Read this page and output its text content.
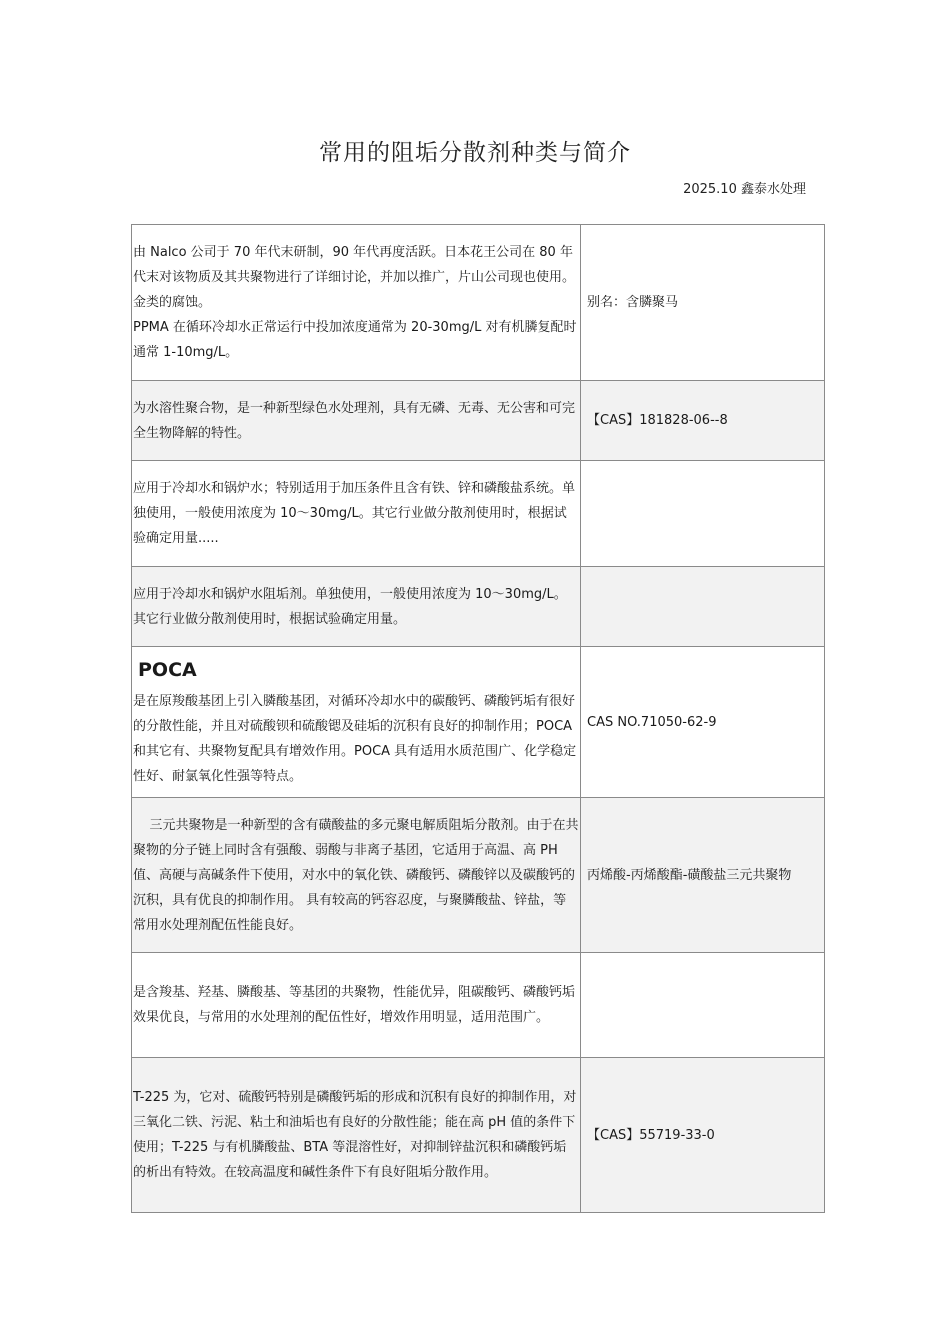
常用的阻垢分散剂种类与简介
2025.10 鑫泰水处理
由 Nalco 公司于 70 年代末研制，90 年代再度活跃。日本花王公司在 80 年代末对该物质及其共聚物进行了详细讨论，并加以推广，片山公司现也使用。金类的腐蚀。
PPMA 在循环冷却水正常运行中投加浓度通常为 20-30mg/L 对有机膦复配时通常 1-10mg/L。	别名：含膦聚马

为水溶性聚合物，是一种新型绿色水处理剂，具有无磷、无毒、无公害和可完全生物降解的特性。	【CAS】181828-06--8

应用于冷却水和锅炉水；特别适用于加压条件且含有铁、锌和磷酸盐系统。单独使用，一般使用浓度为 10～30mg/L。其它行业做分散剂使用时，根据试验确定用量.....	

应用于冷却水和锅炉水阻垢剂。单独使用，一般使用浓度为 10～30mg/L。其它行业做分散剂使用时，根据试验确定用量。	

POCA
是在原羧酸基团上引入膦酸基团，对循环冷却水中的碳酸钙、磷酸钙垢有很好的分散性能，并且对硫酸钡和硫酸锶及硅垢的沉积有良好的抑制作用；POCA 和其它有、共聚物复配具有增效作用。POCA 具有适用水质范围广、化学稳定性好、耐氯氧化性强等特点。	CAS NO.71050-62-9

三元共聚物是一种新型的含有磺酸盐的多元聚电解质阻垢分散剂。由于在共聚物的分子链上同时含有强酸、弱酸与非离子基团，它适用于高温、高 PH 值、高硬与高碱条件下使用，对水中的氧化铁、磷酸钙、磷酸锌以及碳酸钙的沉积，具有优良的抑制作用。 具有较高的钙容忍度，与聚膦酸盐、锌盐，等常用水处理剂配伍性能良好。	丙烯酸-丙烯酸酯-磺酸盐三元共聚物

是含羧基、羟基、膦酸基、等基团的共聚物，性能优异，阻碳酸钙、磷酸钙垢效果优良，与常用的水处理剂的配伍性好，增效作用明显，适用范围广。	

T-225 为，它对、硫酸钙特别是磷酸钙垢的形成和沉积有良好的抑制作用，对三氧化二铁、污泥、粘土和油垢也有良好的分散性能；能在高 pH 值的条件下使用；T-225 与有机膦酸盐、BTA 等混溶性好，对抑制锌盐沉积和磷酸钙垢的析出有特效。在较高温度和碱性条件下有良好阻垢分散作用。	【CAS】55719-33-0
